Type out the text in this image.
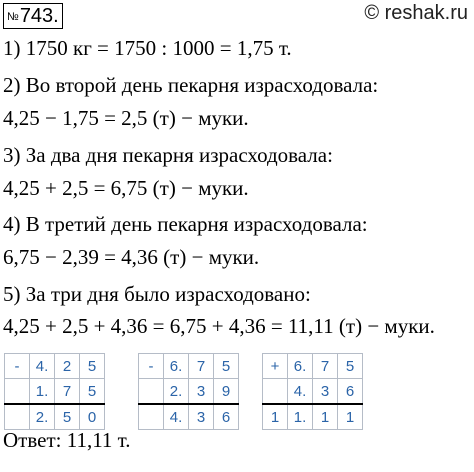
№743.	© reshak.ru
1) 1750 кг = 1750 : 1000 = 1,75 т.
2) Во второй день пекарня израсходовала:
4,25 − 1,75 = 2,5 (т) − муки.
3) За два дня пекарня израсходовала:
4,25 + 2,5 = 6,75 (т) − муки.
4) В третий день пекарня израсходовала:
6,75 − 2,39 = 4,36 (т) − муки.
5) За три дня было израсходовано:
4,25 + 2,5 + 4,36 = 6,75 + 4,36 = 11,11 (т) − муки.
-	4.	2	5
	1.	7	5
	2.	5	0
-	6.	7	5
	2.	3	9
	4.	3	6
+	6.	7	5
	4.	3	6
1	1.	1	1
Ответ: 11,11 т.
